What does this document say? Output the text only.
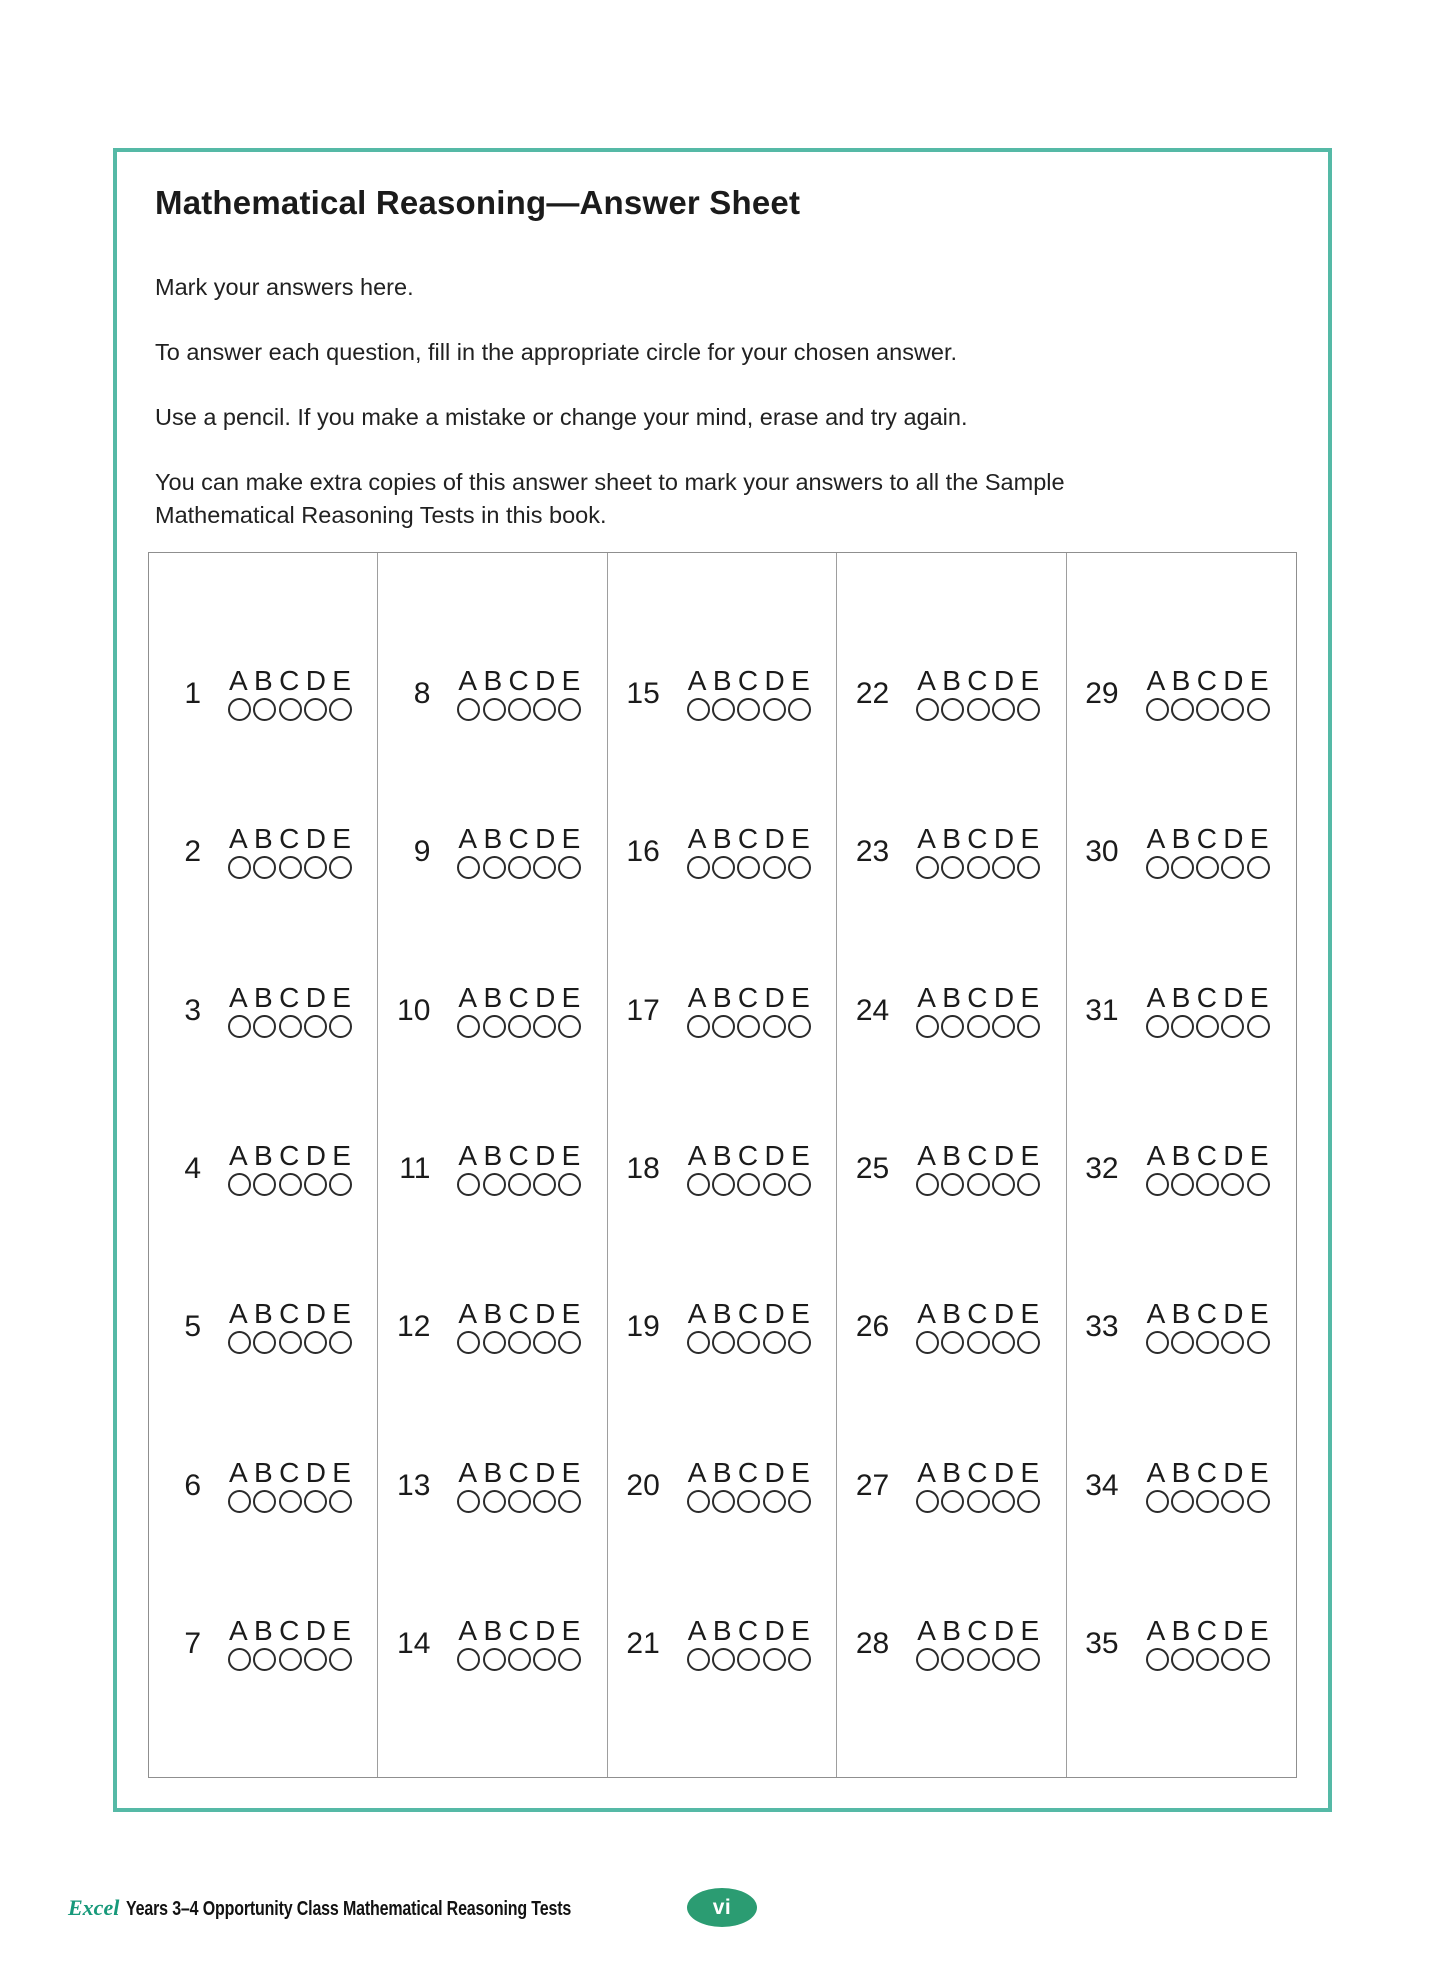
Mathematical Reasoning—Answer Sheet
Mark your answers here.
To answer each question, fill in the appropriate circle for your chosen answer.
Use a pencil. If you make a mistake or change your mind, erase and try again.
You can make extra copies of this answer sheet to mark your answers to all the Sample Mathematical Reasoning Tests in this book.
1 A B C D E
2 A B C D E
3 A B C D E
4 A B C D E
5 A B C D E
6 A B C D E
7 A B C D E
8 A B C D E
9 A B C D E
10 A B C D E
11 A B C D E
12 A B C D E
13 A B C D E
14 A B C D E
15 A B C D E
16 A B C D E
17 A B C D E
18 A B C D E
19 A B C D E
20 A B C D E
21 A B C D E
22 A B C D E
23 A B C D E
24 A B C D E
25 A B C D E
26 A B C D E
27 A B C D E
28 A B C D E
29 A B C D E
30 A B C D E
31 A B C D E
32 A B C D E
33 A B C D E
34 A B C D E
35 A B C D E
Excel Years 3–4 Opportunity Class Mathematical Reasoning Tests	vi
